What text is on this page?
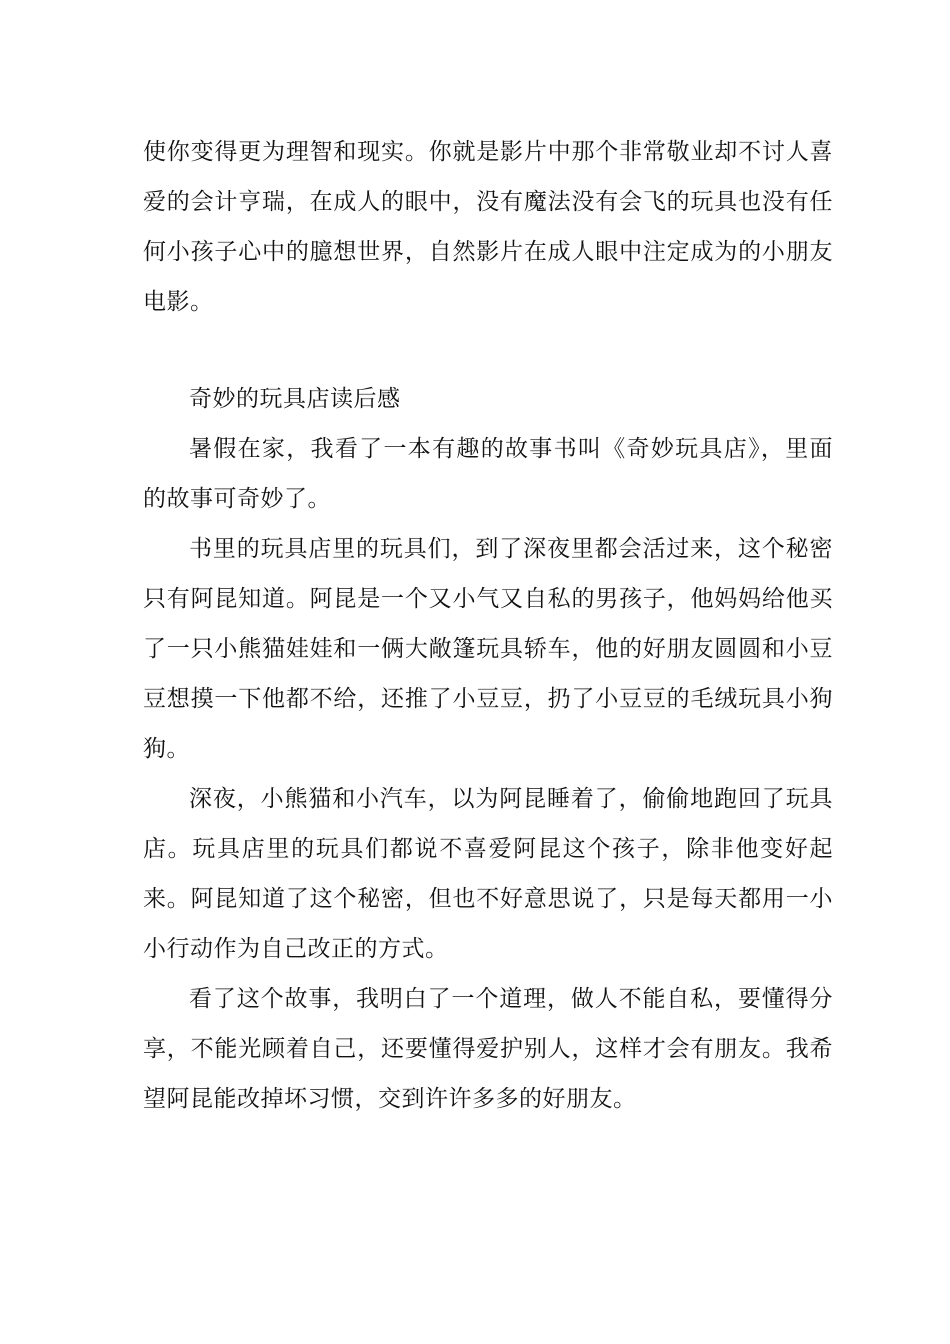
使你变得更为理智和现实。你就是影片中那个非常敬业却不讨人喜爱的会计亨瑞，在成人的眼中，没有魔法没有会飞的玩具也没有任何小孩子心中的臆想世界，自然影片在成人眼中注定成为的小朋友电影。

奇妙的玩具店读后感

暑假在家，我看了一本有趣的故事书叫《奇妙玩具店》，里面的故事可奇妙了。

书里的玩具店里的玩具们，到了深夜里都会活过来，这个秘密只有阿昆知道。阿昆是一个又小气又自私的男孩子，他妈妈给他买了一只小熊猫娃娃和一俩大敞篷玩具轿车，他的好朋友圆圆和小豆豆想摸一下他都不给，还推了小豆豆，扔了小豆豆的毛绒玩具小狗狗。

深夜，小熊猫和小汽车，以为阿昆睡着了，偷偷地跑回了玩具店。玩具店里的玩具们都说不喜爱阿昆这个孩子，除非他变好起来。阿昆知道了这个秘密，但也不好意思说了，只是每天都用一小小行动作为自己改正的方式。

看了这个故事，我明白了一个道理，做人不能自私，要懂得分享，不能光顾着自己，还要懂得爱护别人，这样才会有朋友。我希望阿昆能改掉坏习惯，交到许许多多的好朋友。
